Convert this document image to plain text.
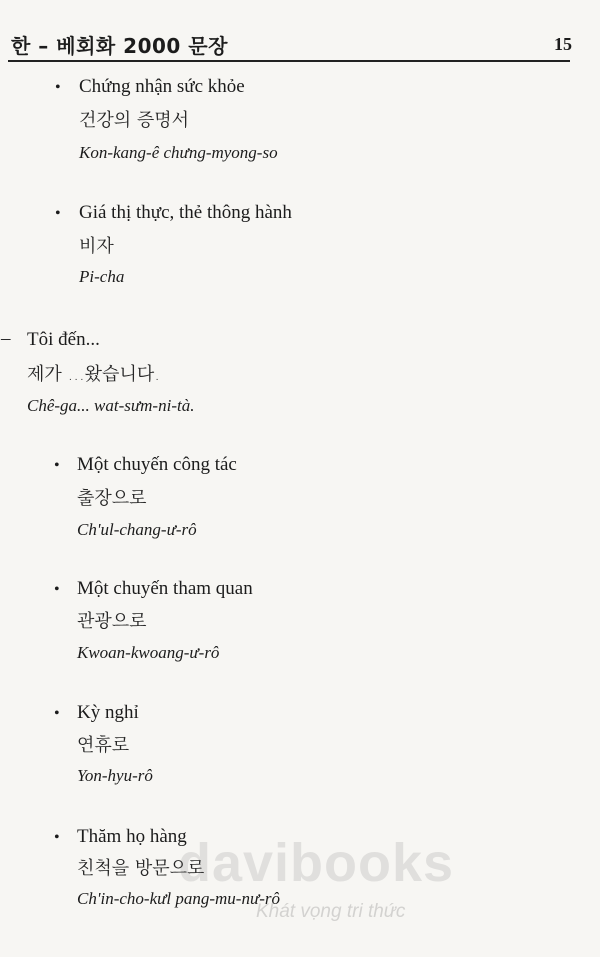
한 – 베회화 2000 문장	15
• Chứng nhận sức khỏe
건강의 증명서
Kon-kang-ê chưng-myong-so
• Giá thị thực, thẻ thông hành
비자
Pi-cha
– Tôi đến...
제가 ...왔습니다.
Chê-ga... wat-sưm-ni-tà.
• Một chuyến công tác
출장으로
Ch'ul-chang-ư-rô
• Một chuyến tham quan
관광으로
Kwoan-kwoang-ư-rô
• Kỳ nghỉ
연휴로
Yon-hyu-rô
• Thăm họ hàng
친척을 방문으로
Ch'in-cho-kưl pang-mu-nư-rô
davibooks
Khát vọng tri thức
